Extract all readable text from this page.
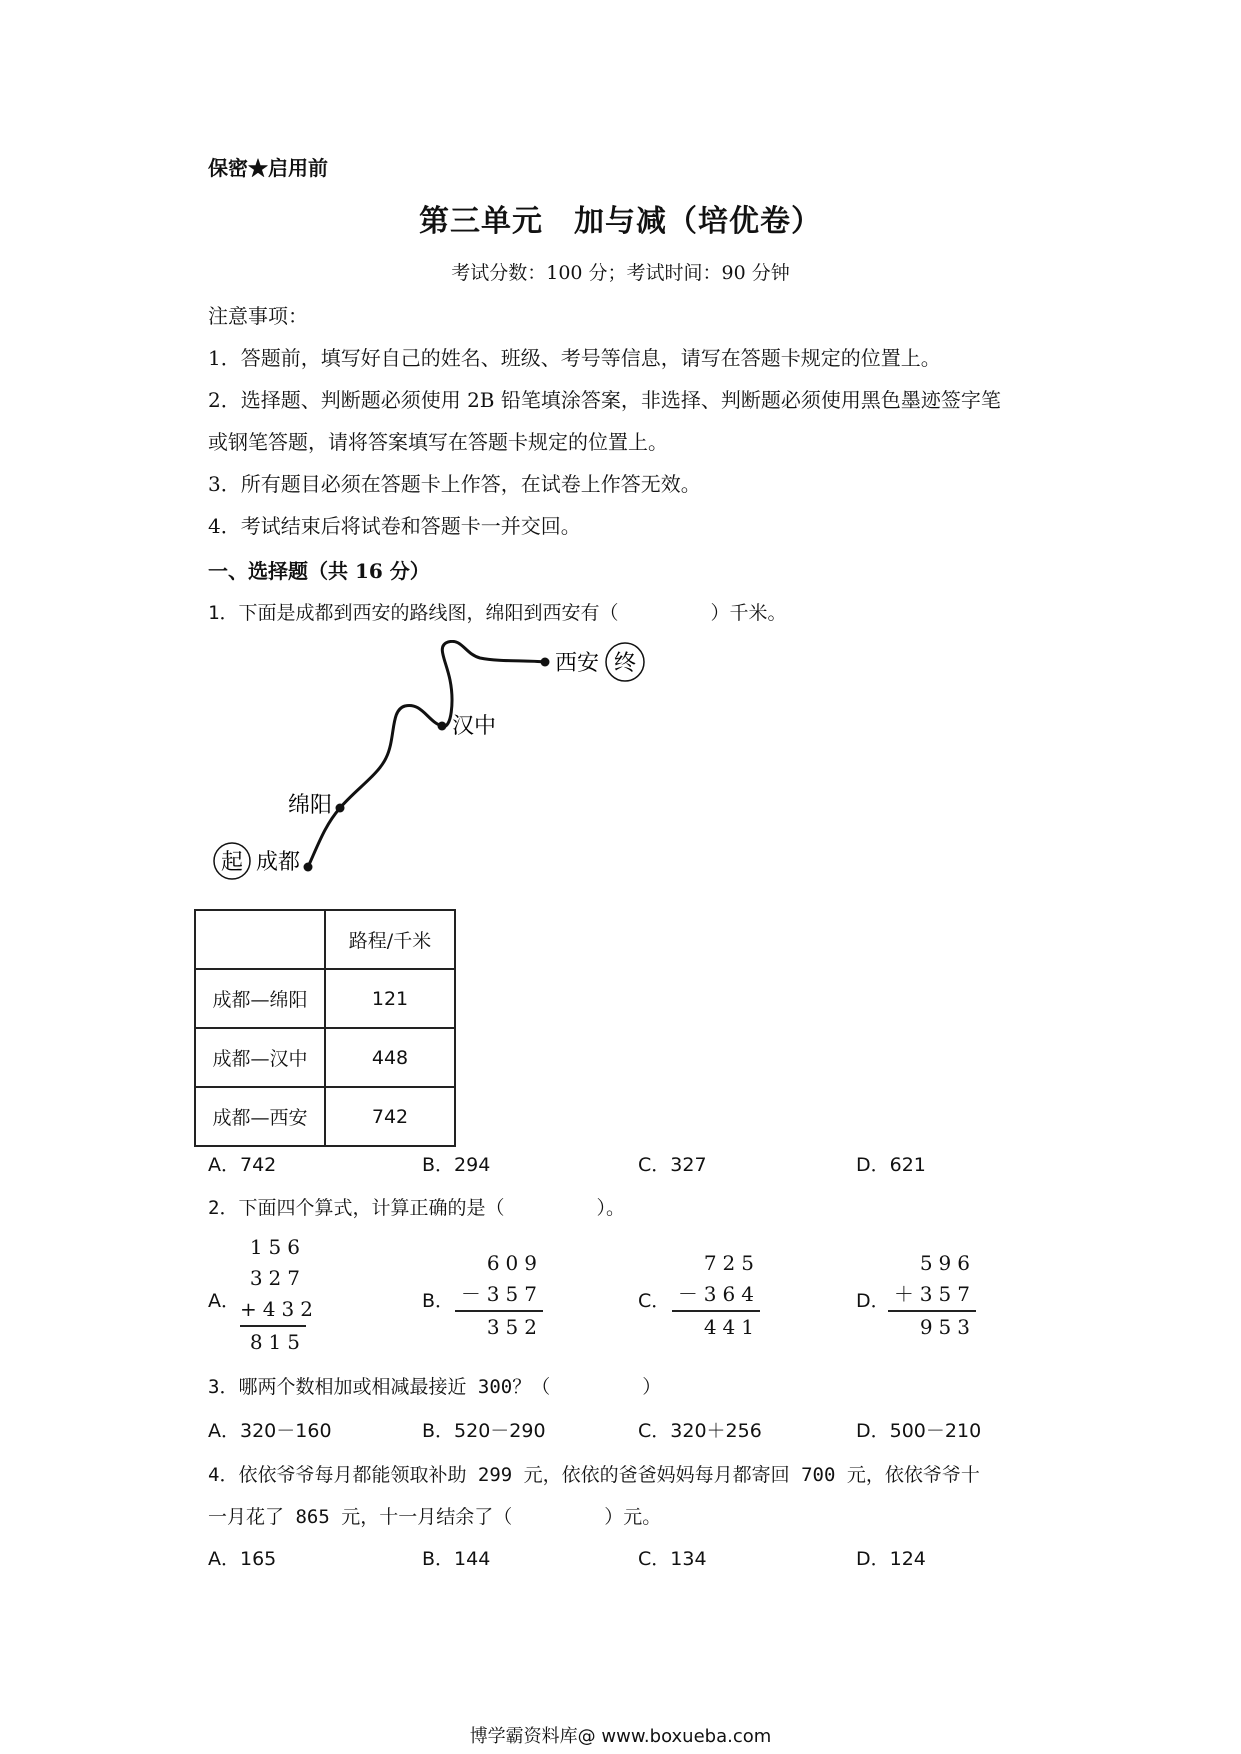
保密★启用前
第三单元　加与减（培优卷）
考试分数：100 分；考试时间：90 分钟
注意事项：
1．答题前，填写好自己的姓名、班级、考号等信息，请写在答题卡规定的位置上。
2．选择题、判断题必须使用 2B 铅笔填涂答案，非选择、判断题必须使用黑色墨迹签字笔
或钢笔答题，请将答案填写在答题卡规定的位置上。
3．所有题目必须在答题卡上作答，在试卷上作答无效。
4．考试结束后将试卷和答题卡一并交回。
一、选择题（共 16 分）
1．下面是成都到西安的路线图，绵阳到西安有（	）千米。
起 成都
绵阳
汉中
西安 终
	路程/千米
成都—绵阳	121
成都—汉中	448
成都—西安	742
A．742	B．294	C．327	D．621
2．下面四个算式，计算正确的是（	）。
A．
156
327
+432
815
B．
609
－357
352
C．
725
－364
441
D．
596
＋357
953
3．哪两个数相加或相减最接近 300？（	）
A．320－160	B．520－290	C．320＋256	D．500－210
4．依依爷爷每月都能领取补助 299 元，依依的爸爸妈妈每月都寄回 700 元，依依爷爷十
一月花了 865 元，十一月结余了（	）元。
A．165	B．144	C．134	D．124
博学霸资料库@ www.boxueba.com
